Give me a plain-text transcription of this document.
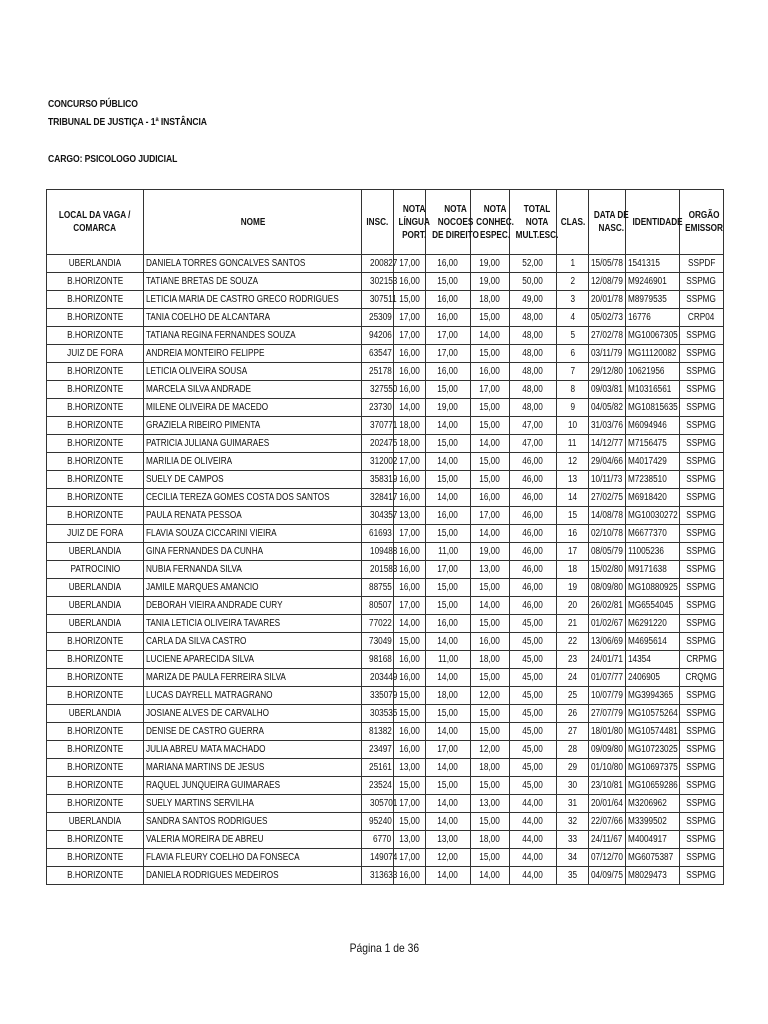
CONCURSO PÚBLICO
TRIBUNAL DE JUSTIÇA - 1ª INSTÂNCIA
CARGO: PSICOLOGO JUDICIAL
LOCAL DA VAGA /
COMARCA	NOME	INSC.	NOTA
LÍNGUA
PORT.	NOTA
NOCOES
DE DIREITO	NOTA
CONHEC.
ESPEC.	TOTAL
NOTA
MULT.ESC.	CLAS.	DATA DE
NASC.	IDENTIDADE	ORGÃO
EMISSOR

UBERLANDIA	DANIELA TORRES GONCALVES SANTOS	200827	17,00	16,00	19,00	52,00	1	15/05/78	1541315	SSPDF
B.HORIZONTE	TATIANE BRETAS DE SOUZA	302153	16,00	15,00	19,00	50,00	2	12/08/79	M9246901	SSPMG
B.HORIZONTE	LETICIA MARIA DE CASTRO GRECO RODRIGUES	307511	15,00	16,00	18,00	49,00	3	20/01/78	M8979535	SSPMG
B.HORIZONTE	TANIA COELHO DE ALCANTARA	25309	17,00	16,00	15,00	48,00	4	05/02/73	16776	CRP04
B.HORIZONTE	TATIANA REGINA FERNANDES SOUZA	94206	17,00	17,00	14,00	48,00	5	27/02/78	MG10067305	SSPMG
JUIZ DE FORA	ANDREIA MONTEIRO FELIPPE	63547	16,00	17,00	15,00	48,00	6	03/11/79	MG11120082	SSPMG
B.HORIZONTE	LETICIA OLIVEIRA SOUSA	25178	16,00	16,00	16,00	48,00	7	29/12/80	10621956	SSPMG
B.HORIZONTE	MARCELA SILVA ANDRADE	327550	16,00	15,00	17,00	48,00	8	09/03/81	M10316561	SSPMG
B.HORIZONTE	MILENE OLIVEIRA DE MACEDO	23730	14,00	19,00	15,00	48,00	9	04/05/82	MG10815635	SSPMG
B.HORIZONTE	GRAZIELA RIBEIRO PIMENTA	370771	18,00	14,00	15,00	47,00	10	31/03/76	M6094946	SSPMG
B.HORIZONTE	PATRICIA JULIANA GUIMARAES	202475	18,00	15,00	14,00	47,00	11	14/12/77	M7156475	SSPMG
B.HORIZONTE	MARILIA DE OLIVEIRA	312002	17,00	14,00	15,00	46,00	12	29/04/66	M4017429	SSPMG
B.HORIZONTE	SUELY DE CAMPOS	358319	16,00	15,00	15,00	46,00	13	10/11/73	M7238510	SSPMG
B.HORIZONTE	CECILIA TEREZA GOMES COSTA DOS SANTOS	328417	16,00	14,00	16,00	46,00	14	27/02/75	M6918420	SSPMG
B.HORIZONTE	PAULA RENATA PESSOA	304357	13,00	16,00	17,00	46,00	15	14/08/78	MG10030272	SSPMG
JUIZ DE FORA	FLAVIA SOUZA CICCARINI VIEIRA	61693	17,00	15,00	14,00	46,00	16	02/10/78	M6677370	SSPMG
UBERLANDIA	GINA FERNANDES DA CUNHA	109488	16,00	11,00	19,00	46,00	17	08/05/79	11005236	SSPMG
PATROCINIO	NUBIA FERNANDA SILVA	201583	16,00	17,00	13,00	46,00	18	15/02/80	M9171638	SSPMG
UBERLANDIA	JAMILE MARQUES AMANCIO	88755	16,00	15,00	15,00	46,00	19	08/09/80	MG10880925	SSPMG
UBERLANDIA	DEBORAH VIEIRA ANDRADE CURY	80507	17,00	15,00	14,00	46,00	20	26/02/81	MG6554045	SSPMG
UBERLANDIA	TANIA LETICIA OLIVEIRA TAVARES	77022	14,00	16,00	15,00	45,00	21	01/02/67	M6291220	SSPMG
B.HORIZONTE	CARLA DA SILVA CASTRO	73049	15,00	14,00	16,00	45,00	22	13/06/69	M4695614	SSPMG
B.HORIZONTE	LUCIENE APARECIDA SILVA	98168	16,00	11,00	18,00	45,00	23	24/01/71	14354	CRPMG
B.HORIZONTE	MARIZA DE PAULA FERREIRA SILVA	203449	16,00	14,00	15,00	45,00	24	01/07/77	2406905	CRQMG
B.HORIZONTE	LUCAS DAYRELL MATRAGRANO	335079	15,00	18,00	12,00	45,00	25	10/07/79	MG3994365	SSPMG
UBERLANDIA	JOSIANE ALVES DE CARVALHO	303535	15,00	15,00	15,00	45,00	26	27/07/79	MG10575264	SSPMG
B.HORIZONTE	DENISE DE CASTRO GUERRA	81382	16,00	14,00	15,00	45,00	27	18/01/80	MG10574481	SSPMG
B.HORIZONTE	JULIA ABREU MATA MACHADO	23497	16,00	17,00	12,00	45,00	28	09/09/80	MG10723025	SSPMG
B.HORIZONTE	MARIANA MARTINS DE JESUS	25161	13,00	14,00	18,00	45,00	29	01/10/80	MG10697375	SSPMG
B.HORIZONTE	RAQUEL JUNQUEIRA GUIMARAES	23524	15,00	15,00	15,00	45,00	30	23/10/81	MG10659286	SSPMG
B.HORIZONTE	SUELY MARTINS SERVILHA	305701	17,00	14,00	13,00	44,00	31	20/01/64	M3206962	SSPMG
UBERLANDIA	SANDRA SANTOS RODRIGUES	95240	15,00	14,00	15,00	44,00	32	22/07/66	M3399502	SSPMG
B.HORIZONTE	VALERIA MOREIRA DE ABREU	6770	13,00	13,00	18,00	44,00	33	24/11/67	M4004917	SSPMG
B.HORIZONTE	FLAVIA FLEURY COELHO DA FONSECA	149074	17,00	12,00	15,00	44,00	34	07/12/70	MG6075387	SSPMG
B.HORIZONTE	DANIELA RODRIGUES MEDEIROS	313633	16,00	14,00	14,00	44,00	35	04/09/75	M8029473	SSPMG
Página 1 de 36
